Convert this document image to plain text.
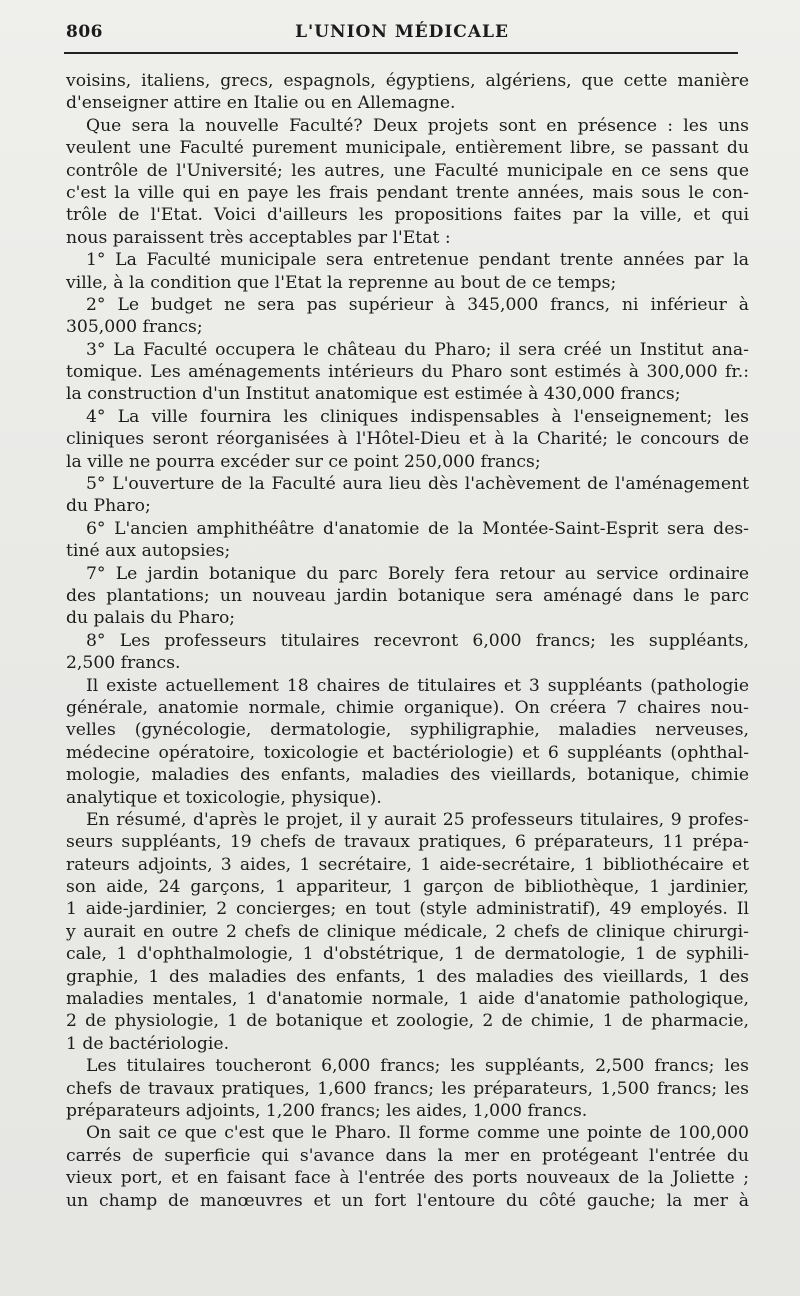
806	L'UNION MÉDICALE
voisins, italiens, grecs, espagnols, égyptiens, algériens, que cette manière
d'enseigner attire en Italie ou en Allemagne.
Que sera la nouvelle Faculté? Deux projets sont en présence : les uns
veulent une Faculté purement municipale, entièrement libre, se passant du
contrôle de l'Université; les autres, une Faculté municipale en ce sens que
c'est la ville qui en paye les frais pendant trente années, mais sous le con-
trôle de l'Etat. Voici d'ailleurs les propositions faites par la ville, et qui
nous paraissent très acceptables par l'Etat :
1° La Faculté municipale sera entretenue pendant trente années par la
ville, à la condition que l'Etat la reprenne au bout de ce temps;
2° Le budget ne sera pas supérieur à 345,000 francs, ni inférieur à
305,000 francs;
3° La Faculté occupera le château du Pharo; il sera créé un Institut ana-
tomique. Les aménagements intérieurs du Pharo sont estimés à 300,000 fr.:
la construction d'un Institut anatomique est estimée à 430,000 francs;
4° La ville fournira les cliniques indispensables à l'enseignement; les
cliniques seront réorganisées à l'Hôtel-Dieu et à la Charité; le concours de
la ville ne pourra excéder sur ce point 250,000 francs;
5° L'ouverture de la Faculté aura lieu dès l'achèvement de l'aménagement
du Pharo;
6° L'ancien amphithéâtre d'anatomie de la Montée-Saint-Esprit sera des-
tiné aux autopsies;
7° Le jardin botanique du parc Borely fera retour au service ordinaire
des plantations; un nouveau jardin botanique sera aménagé dans le parc
du palais du Pharo;
8° Les professeurs titulaires recevront 6,000 francs; les suppléants,
2,500 francs.
Il existe actuellement 18 chaires de titulaires et 3 suppléants (pathologie
générale, anatomie normale, chimie organique). On créera 7 chaires nou-
velles (gynécologie, dermatologie, syphiligraphie, maladies nerveuses,
médecine opératoire, toxicologie et bactériologie) et 6 suppléants (ophthal-
mologie, maladies des enfants, maladies des vieillards, botanique, chimie
analytique et toxicologie, physique).
En résumé, d'après le projet, il y aurait 25 professeurs titulaires, 9 profes-
seurs suppléants, 19 chefs de travaux pratiques, 6 préparateurs, 11 prépa-
rateurs adjoints, 3 aides, 1 secrétaire, 1 aide-secrétaire, 1 bibliothécaire et
son aide, 24 garçons, 1 appariteur, 1 garçon de bibliothèque, 1 jardinier,
1 aide-jardinier, 2 concierges; en tout (style administratif), 49 employés. Il
y aurait en outre 2 chefs de clinique médicale, 2 chefs de clinique chirurgi-
cale, 1 d'ophthalmologie, 1 d'obstétrique, 1 de dermatologie, 1 de syphili-
graphie, 1 des maladies des enfants, 1 des maladies des vieillards, 1 des
maladies mentales, 1 d'anatomie normale, 1 aide d'anatomie pathologique,
2 de physiologie, 1 de botanique et zoologie, 2 de chimie, 1 de pharmacie,
1 de bactériologie.
Les titulaires toucheront 6,000 francs; les suppléants, 2,500 francs; les
chefs de travaux pratiques, 1,600 francs; les préparateurs, 1,500 francs; les
préparateurs adjoints, 1,200 francs; les aides, 1,000 francs.
On sait ce que c'est que le Pharo. Il forme comme une pointe de 100,000
carrés de superficie qui s'avance dans la mer en protégeant l'entrée du
vieux port, et en faisant face à l'entrée des ports nouveaux de la Joliette ;
un champ de manœuvres et un fort l'entoure du côté gauche; la mer à
